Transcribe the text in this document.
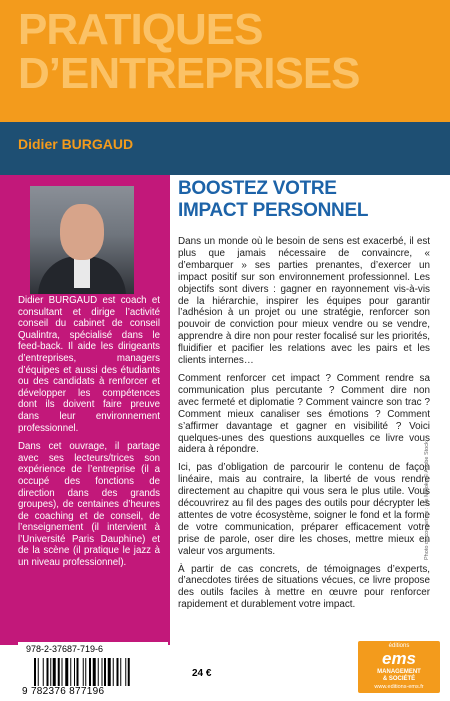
PRATIQUES
D’ENTREPRISES
Didier BURGAUD

Didier BURGAUD est coach et consultant et dirige l’activité conseil du cabinet de conseil Qualintra, spécialisé dans le feed-back. Il aide les dirigeants d’entreprises, managers d’équipes et aussi des étudiants ou des candidats à renforcer et développer les compétences dont ils doivent faire preuve dans leur environnement professionnel.

Dans cet ouvrage, il partage avec ses lecteurs/trices son expérience de l’entreprise (il a occupé des fonctions de direction dans des grands groupes), de centaines d’heures de coaching et de conseil, de l’enseignement (il intervient à l’Université Paris Dauphine) et de la scène (il pratique le jazz à un niveau professionnel).

BOOSTEZ VOTRE
IMPACT PERSONNEL

Dans un monde où le besoin de sens est exacerbé, il est plus que jamais nécessaire de convaincre, « d’embarquer » ses parties prenantes, d’exercer un impact positif sur son environnement professionnel. Les objectifs sont divers : gagner en rayonnement vis-à-vis de la hiérarchie, inspirer les équipes pour garantir l’adhésion à un projet ou une stratégie, renforcer son pouvoir de conviction pour mieux vendre ou se vendre, apprendre à dire non pour rester focalisé sur les priorités, fluidifier et pacifier les relations avec les pairs et les clients internes…

Comment renforcer cet impact ? Comment rendre sa communication plus percutante ? Comment dire non avec fermeté et diplomatie ? Comment vaincre son trac ? Comment mieux canaliser ses émotions ? Comment s’affirmer davantage et gagner en visibilité ? Voici quelques-unes des questions auxquelles ce livre vous aidera à répondre.

Ici, pas d’obligation de parcourir le contenu de façon linéaire, mais au contraire, la liberté de vous rendre directement au chapitre qui vous sera le plus utile. Vous découvrirez au fil des pages des outils pour décrypter les attentes de votre écosystème, soigner le fond et la forme de votre communication, préparer efficacement votre prise de parole, oser dire les choses, mettre mieux en valeur vos arguments.

À partir de cas concrets, de témoignages d’experts, d’anecdotes tirées de situations vécues, ce livre propose des outils faciles à mettre en œuvre pour renforcer rapidement et durablement votre impact.

Photo de couverture : Ms Moloko © Adobe Stock
978-2-37687-719-6
9 782376 877196
24 €
éditions
ems
MANAGEMENT
& SOCIÉTÉ
www.editions-ems.fr
